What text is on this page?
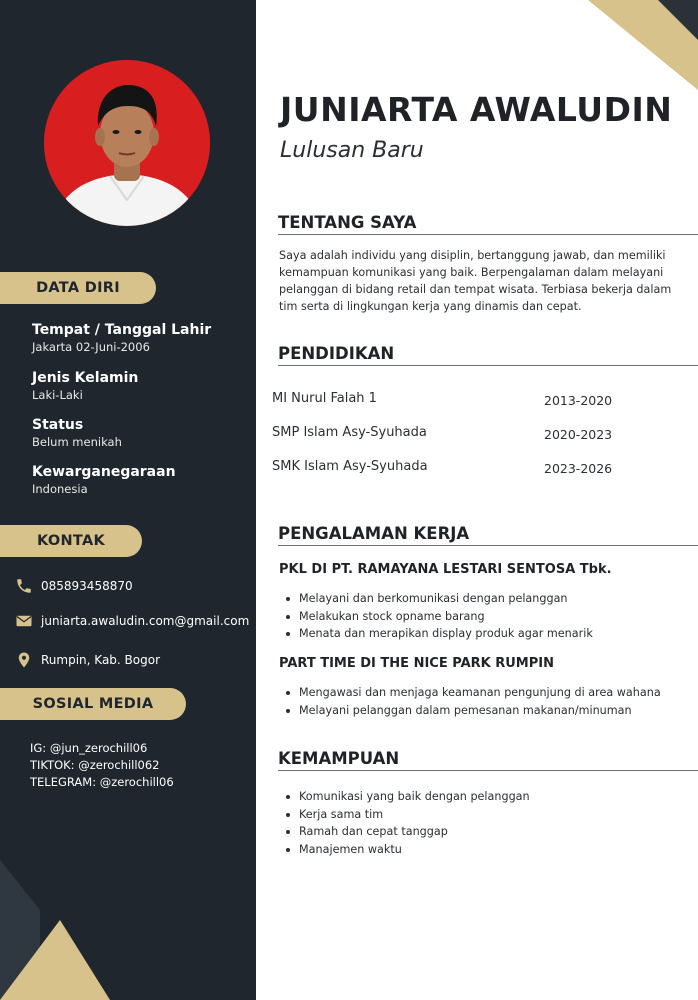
DATA DIRI
Tempat / Tanggal Lahir
Jakarta 02-Juni-2006
Jenis Kelamin
Laki-Laki
Status
Belum menikah
Kewarganegaraan
Indonesia
KONTAK
085893458870
juniarta.awaludin.com@gmail.com
Rumpin, Kab. Bogor
SOSIAL MEDIA
IG: @jun_zerochill06
TIKTOK: @zerochill062
TELEGRAM: @zerochill06
JUNIARTA AWALUDIN
Lulusan Baru
TENTANG SAYA
Saya adalah individu yang disiplin, bertanggung jawab, dan memiliki kemampuan komunikasi yang baik. Berpengalaman dalam melayani pelanggan di bidang retail dan tempat wisata. Terbiasa bekerja dalam tim serta di lingkungan kerja yang dinamis dan cepat.
PENDIDIKAN
MI Nurul Falah 1	2013-2020
SMP Islam Asy-Syuhada	2020-2023
SMK Islam Asy-Syuhada	2023-2026
PENGALAMAN KERJA
PKL DI PT. RAMAYANA LESTARI SENTOSA Tbk.
Melayani dan berkomunikasi dengan pelanggan
Melakukan stock opname barang
Menata dan merapikan display produk agar menarik
PART TIME DI THE NICE PARK RUMPIN
Mengawasi dan menjaga keamanan pengunjung di area wahana
Melayani pelanggan dalam pemesanan makanan/minuman
KEMAMPUAN
Komunikasi yang baik dengan pelanggan
Kerja sama tim
Ramah dan cepat tanggap
Manajemen waktu
